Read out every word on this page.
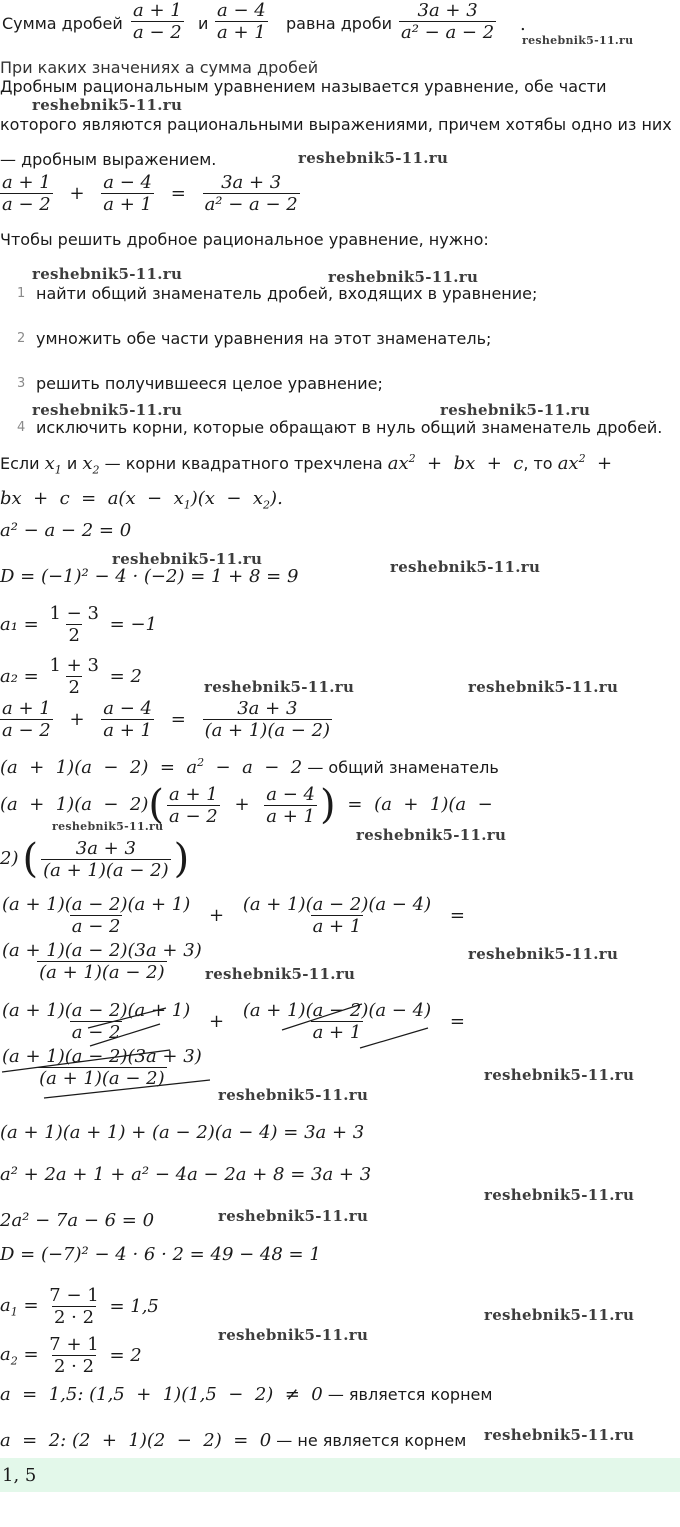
Сумма дробей $\frac{a + 1}{a - 2}$ и $\frac{a - 4}{a + 1}$ равна дроби $\frac{3a + 3}{\text{a² − a − 2}}$ .
reshebnik5-11.ru
При каких значениях a сумма дробей
Дробным рациональным уравнением называется уравнение, обе части
reshebnik5-11.ru
которого являются рациональными выражениями, причем хотябы одно из них
— дробным выражением.	reshebnik5-11.ru
$\frac{a + 1}{a - 2} + \frac{a - 4}{a + 1} = \frac{3a + 3}{\text{a² − a − 2}}$
Чтобы решить дробное рациональное уравнение, нужно:
reshebnik5-11.ru	reshebnik5-11.ru
1 найти общий знаменатель дробей, входящих в уравнение;
2 умножить обе части уравнения на этот знаменатель;
3 решить получившееся целое уравнение;
reshebnik5-11.ru	reshebnik5-11.ru
4 исключить корни, которые обращают в нуль общий знаменатель дробей.
Если $x_1$ и $x_2$ — корни квадратного трехчлена $ax^2$  +  bx  +  c, то $ax^2$  +
bx  +  $c = a(x - x_1)(x - x_2)$.
a² − a − 2 = 0
D = (−1)² − 4 · (−2) = 1 + 8 = 9
reshebnik5-11.ru	reshebnik5-11.ru
$a_1 = \frac{1 - 3}{2} = -1$
$a_2 = \frac{1 + 3}{2} = 2$	reshebnik5-11.ru	reshebnik5-11.ru
$\frac{a + 1}{a - 2} + \frac{a - 4}{a + 1} = \frac{3a + 3}{(a + 1)(a - 2)}$
$(a + 1)(a - 2) = a^2 - a - 2$ — общий знаменатель
$(a + 1)(a - 2)( \frac{a + 1}{a - 2} + \frac{a - 4}{a + 1}$ ) = (a  +  1)(a  −
reshebnik5-11.ru	reshebnik5-11.ru
2) ( $\frac{3a + 3}{(a + 1)(a - 2)}$ )
$\frac{(a + 1)(a - 2)(a + 1)}{a - 2} + \frac{(a + 1)(a - 2)(a - 4)}{a + 1}$ =
$\frac{(a + 1)(a - 2)(3a + 3)}{(a + 1)(a - 2)}$ reshebnik5-11.ru
reshebnik5-11.ru
$\frac{(a + 1)(a - 2)(a + 1)}{a - 2} + \frac{(a + 1)(a - 2)(a - 4)}{a + 1}$ =
$\frac{(a + 1)(a - 2)(3a + 3)}{(a + 1)(a - 2)}$
reshebnik5-11.ru
reshebnik5-11.ru
(a + 1)(a + 1) + (a − 2)(a − 4) = 3a + 3
a² + 2a + 1 + a² − 4a − 2a + 8 = 3a + 3
reshebnik5-11.ru
2a² − 7a − 6 = 0	reshebnik5-11.ru
D = (−7)² − 4 · 6 · 2 = 49 − 48 = 1
$a_1 = \frac{7 - 1}{2 \cdot 2} = 1,5$	reshebnik5-11.ru
reshebnik5-11.ru
$a_2 = \frac{7 + 1}{2 \cdot 2} = 2$
a  =  1,5: (1,5  +  1)(1,5  −  2)  ≠  0 — является корнем
a  =  2: (2  +  1)(2  −  2)  =  0 — не является корнем reshebnik5-11.ru
1, 5
